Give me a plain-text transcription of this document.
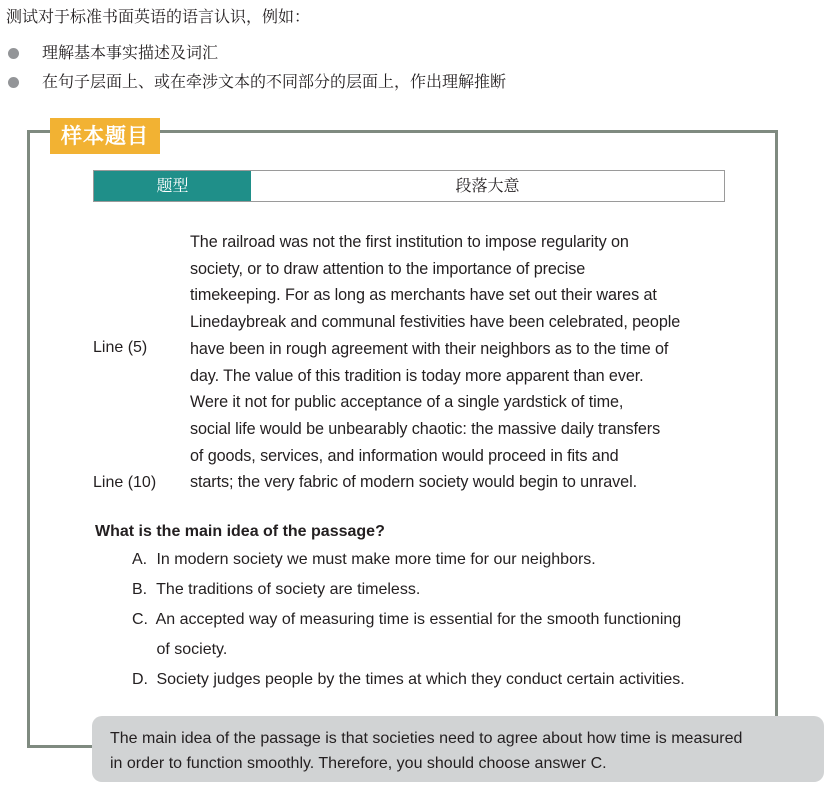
测试对于标准书面英语的语言认识，例如：
理解基本事实描述及词汇
在句子层面上、或在牵涉文本的不同部分的层面上，作出理解推断
样本题目
题型	段落大意
The railroad was not the first institution to impose regularity on
society, or to draw attention to the importance of precise
timekeeping. For as long as merchants have set out their wares at
Linedaybreak and communal festivities have been celebrated, people
have been in rough agreement with their neighbors as to the time of
day. The value of this tradition is today more apparent than ever.
Were it not for public acceptance of a single yardstick of time,
social life would be unbearably chaotic: the massive daily transfers
of goods, services, and information would proceed in fits and
starts; the very fabric of modern society would begin to unravel.
Line (5)
Line (10)
What is the main idea of the passage?
A. In modern society we must make more time for our neighbors.
B. The traditions of society are timeless.
C. An accepted way of measuring time is essential for the smooth functioning
of society.
D. Society judges people by the times at which they conduct certain activities.
The main idea of the passage is that societies need to agree about how time is measured
in order to function smoothly. Therefore, you should choose answer C.
